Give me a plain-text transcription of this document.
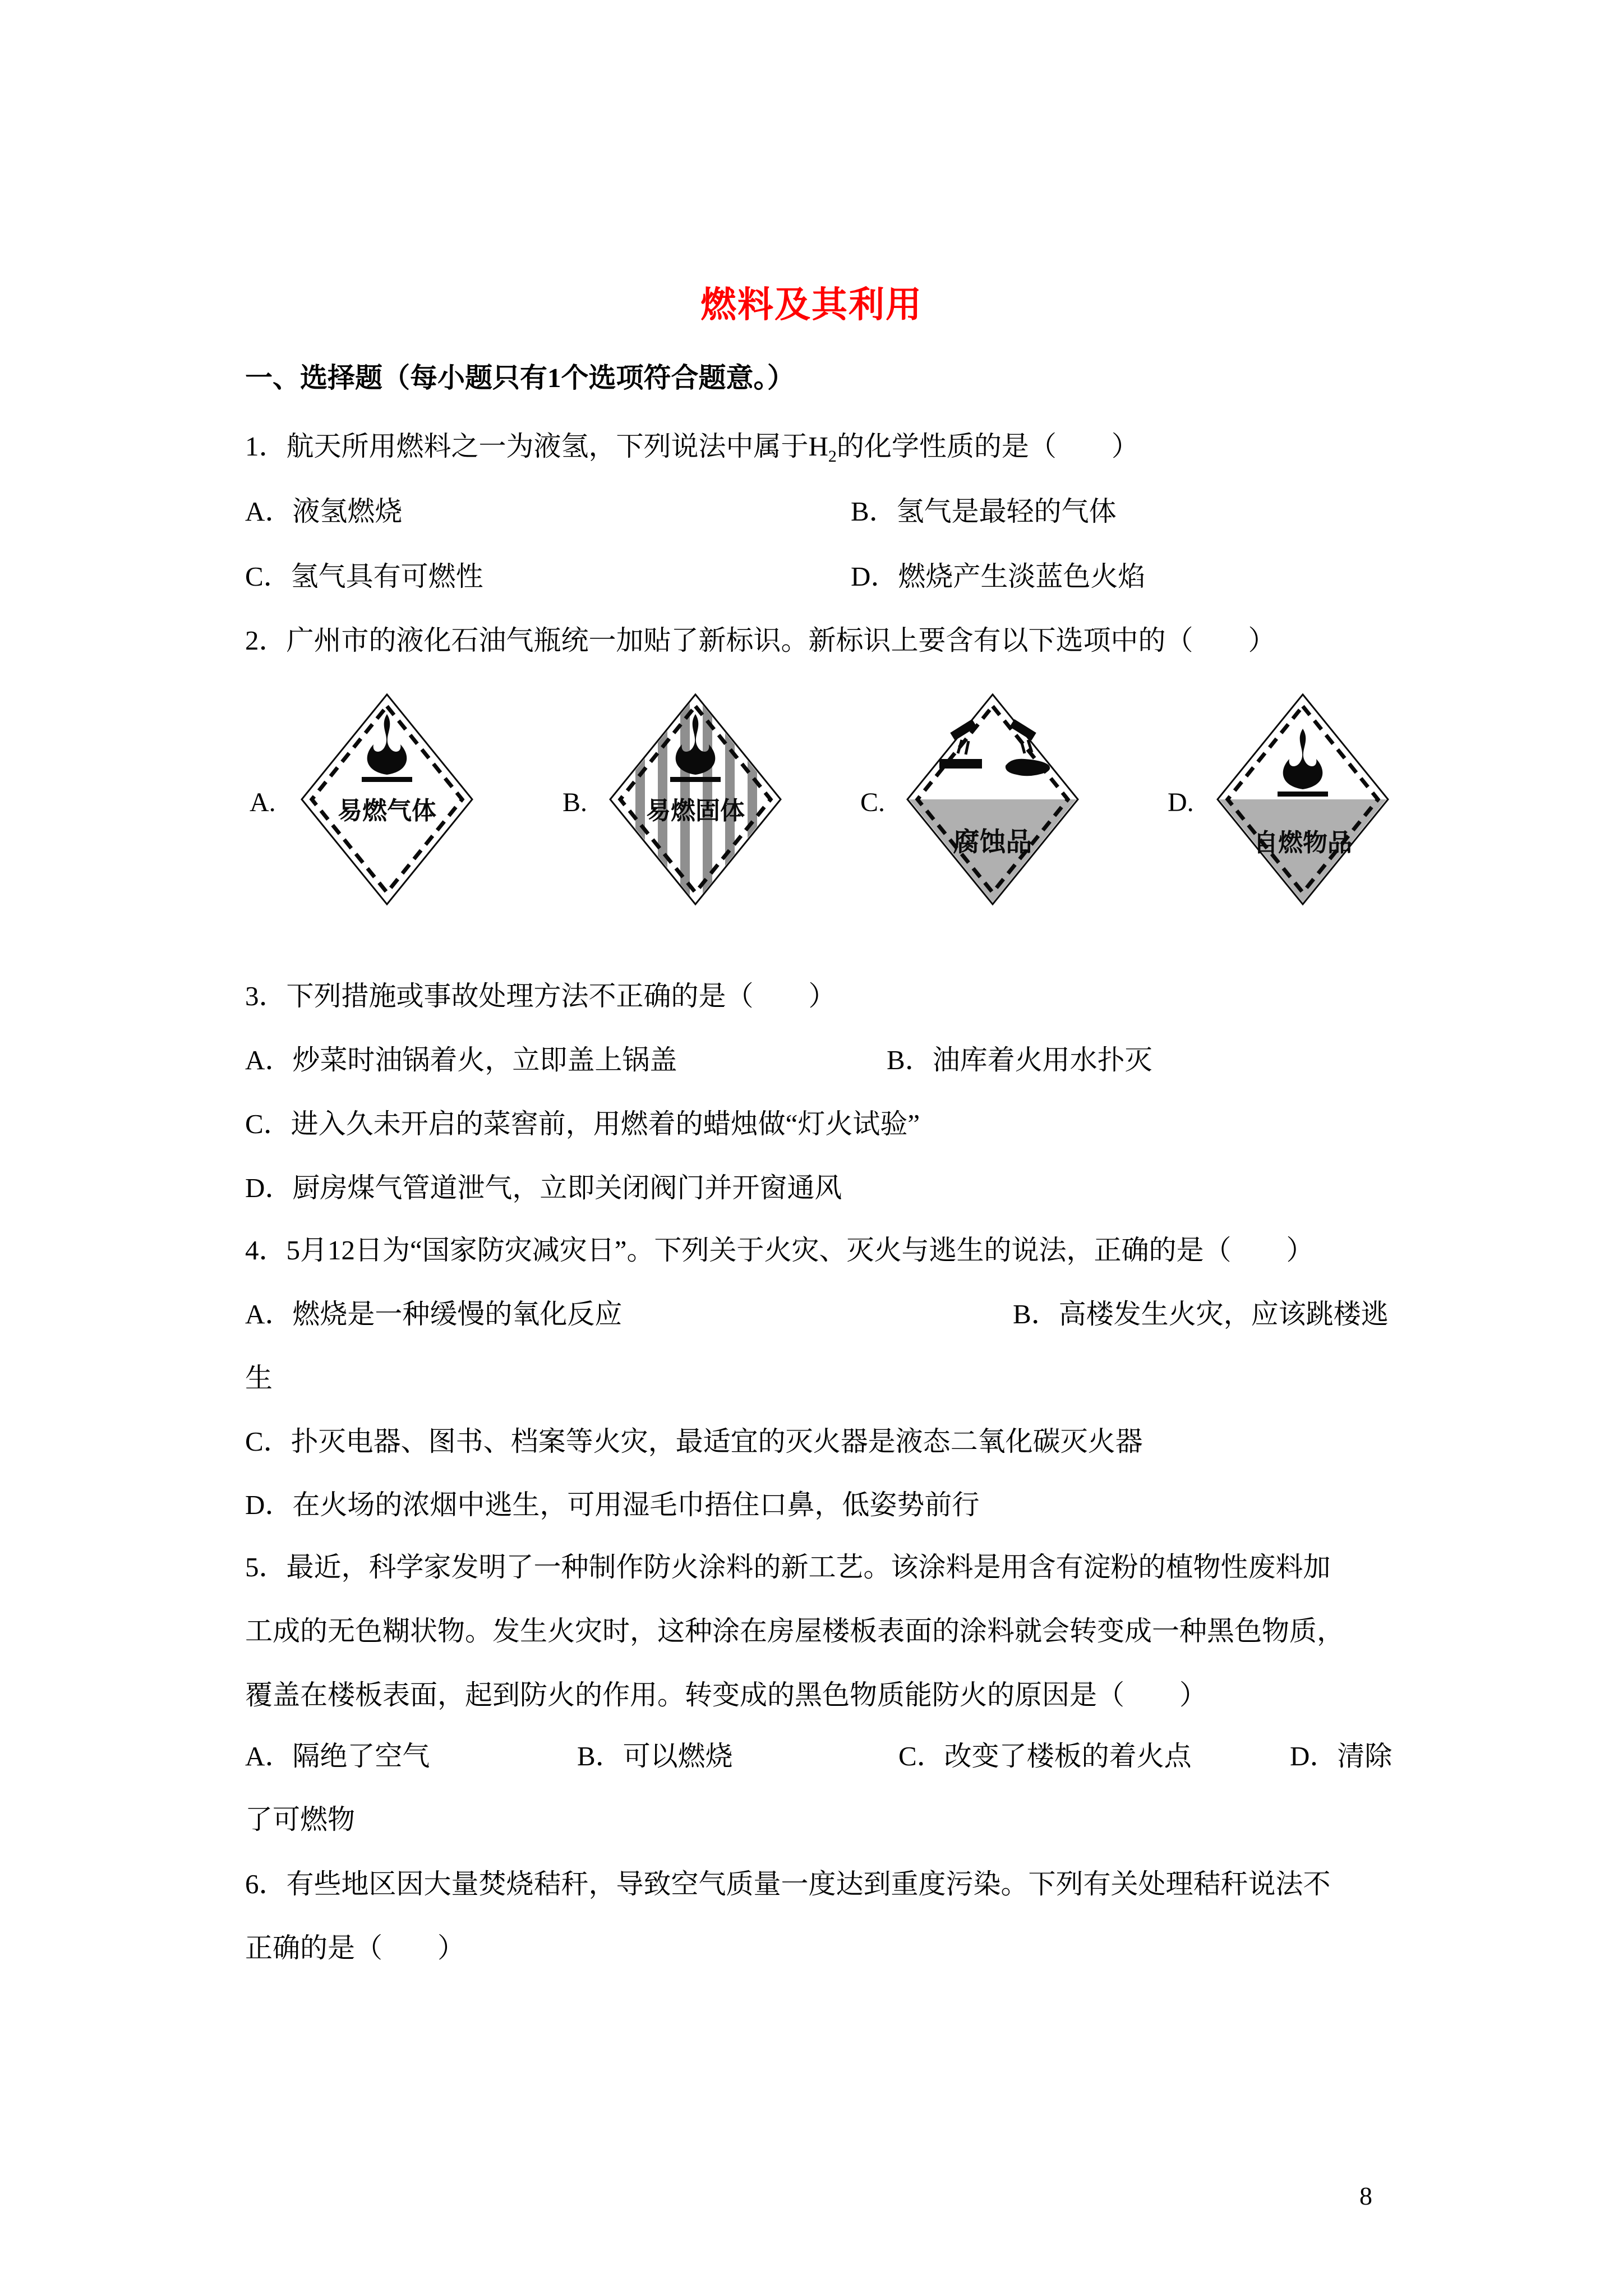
燃料及其利用
一、选择题（每小题只有1个选项符合题意。）
1．航天所用燃料之一为液氢，下列说法中属于$H_2$的化学性质的是（　　）
A．液氢燃烧	B．氢气是最轻的气体
C．氢气具有可燃性	D．燃烧产生淡蓝色火焰
2．广州市的液化石油气瓶统一加贴了新标识。新标识上要含有以下选项中的（　　）
A.	易燃气体	B. 易燃固体	C.
腐蚀品
D.
自燃物品
3．下列措施或事故处理方法不正确的是（　　）
A．炒菜时油锅着火，立即盖上锅盖	B．油库着火用水扑灭
C．进入久未开启的菜窖前，用燃着的蜡烛做“灯火试验”
D．厨房煤气管道泄气，立即关闭阀门并开窗通风
4．5月12日为“国家防灾减灾日”。下列关于火灾、灭火与逃生的说法，正确的是（　　）
A．燃烧是一种缓慢的氧化反应	B．高楼发生火灾，应该跳楼逃
生
C．扑灭电器、图书、档案等火灾，最适宜的灭火器是液态二氧化碳灭火器
D．在火场的浓烟中逃生，可用湿毛巾捂住口鼻，低姿势前行
5．最近，科学家发明了一种制作防火涂料的新工艺。该涂料是用含有淀粉的植物性废料加
工成的无色糊状物。发生火灾时，这种涂在房屋楼板表面的涂料就会转变成一种黑色物质，
覆盖在楼板表面，起到防火的作用。转变成的黑色物质能防火的原因是（　　）
A．隔绝了空气	B．可以燃烧	C．改变了楼板的着火点	D．清除
了可燃物
6．有些地区因大量焚烧秸秆，导致空气质量一度达到重度污染。下列有关处理秸秆说法不
正确的是（　　）
8
